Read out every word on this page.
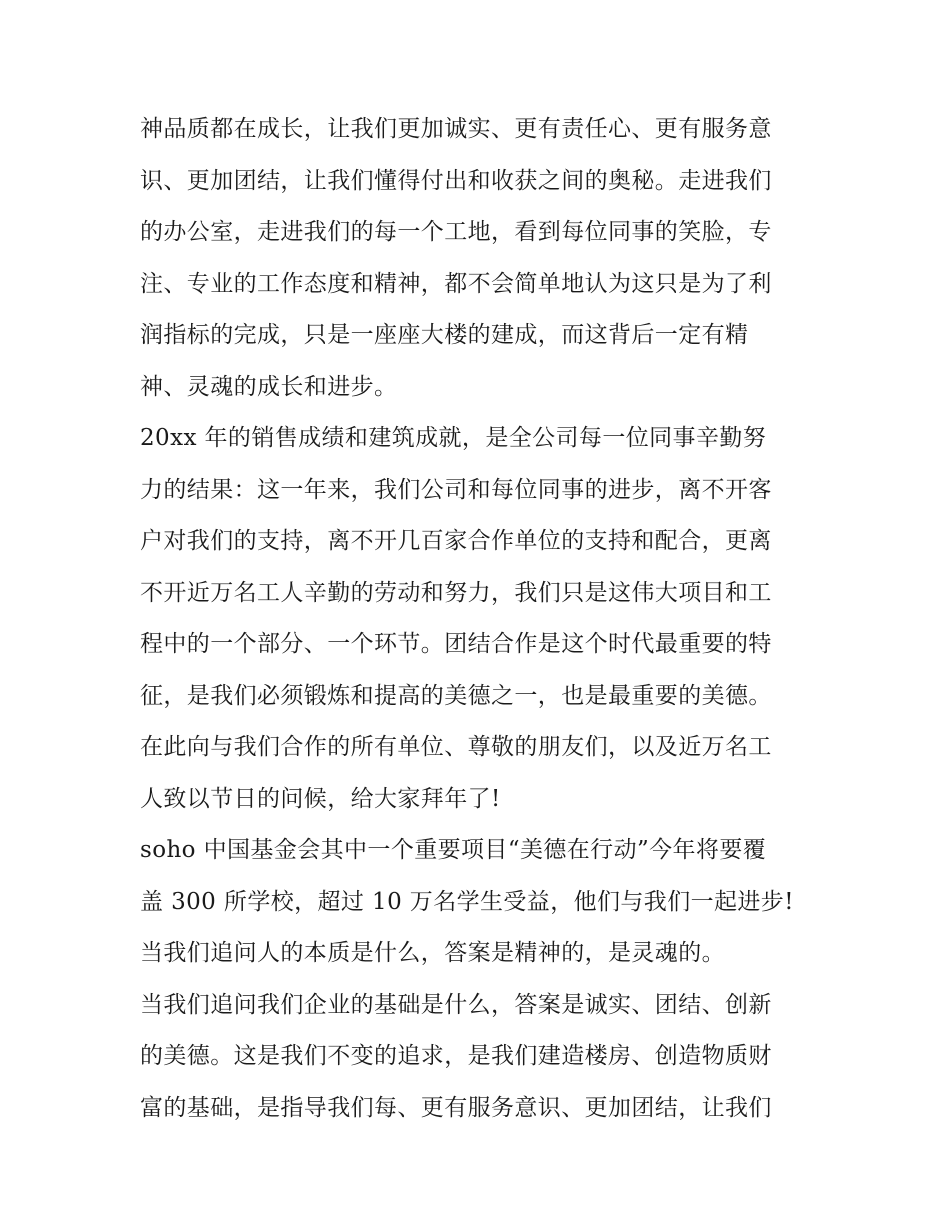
神品质都在成长，让我们更加诚实、更有责任心、更有服务意
识、更加团结，让我们懂得付出和收获之间的奥秘。走进我们
的办公室，走进我们的每一个工地，看到每位同事的笑脸，专
注、专业的工作态度和精神，都不会简单地认为这只是为了利
润指标的完成，只是一座座大楼的建成，而这背后一定有精
神、灵魂的成长和进步。
20xx 年的销售成绩和建筑成就，是全公司每一位同事辛勤努
力的结果：这一年来，我们公司和每位同事的进步，离不开客
户对我们的支持，离不开几百家合作单位的支持和配合，更离
不开近万名工人辛勤的劳动和努力，我们只是这伟大项目和工
程中的一个部分、一个环节。团结合作是这个时代最重要的特
征，是我们必须锻炼和提高的美德之一，也是最重要的美德。
在此向与我们合作的所有单位、尊敬的朋友们，以及近万名工
人致以节日的问候，给大家拜年了!
soho 中国基金会其中一个重要项目“美德在行动”今年将要覆
盖 300 所学校，超过 10 万名学生受益，他们与我们一起进步!
当我们追问人的本质是什么，答案是精神的，是灵魂的。
当我们追问我们企业的基础是什么，答案是诚实、团结、创新
的美德。这是我们不变的追求，是我们建造楼房、创造物质财
富的基础，是指导我们每、更有服务意识、更加团结，让我们
